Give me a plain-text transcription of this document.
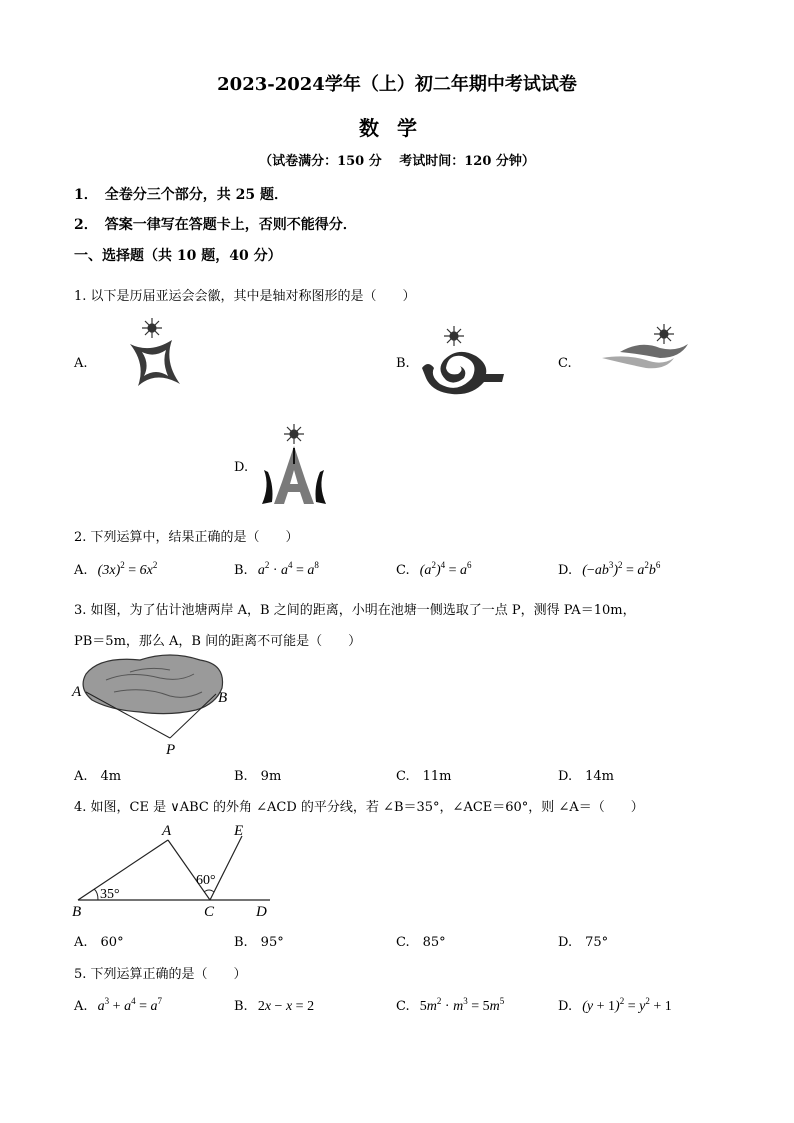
2023-2024学年（上）初二年期中考试试卷
数学
（试卷满分：150 分　 考试时间：120 分钟）
1．　全卷分三个部分，共 25 题．
2．　答案一律写在答题卡上，否则不能得分．
一、选择题（共 10 题，40 分）
1. 以下是历届亚运会会徽，其中是轴对称图形的是（　　）
A.	B.	C.
D.
2. 下列运算中，结果正确的是（　　）
A. $(3x)^2 = 6x^2$	B. $a^2 \cdot a^4 = a^8$	C. $(a^2)^4 = a^6$	D. $(-ab^3)^2 = a^2b^6$
3. 如图，为了估计池塘两岸 A，B 之间的距离，小明在池塘一侧选取了一点 P，测得 PA＝10m，
PB＝5m，那么 A，B 间的距离不可能是（　　）
A	B
P
A.　4m	B.　9m	C.　11m	D.　14m
4. 如图，CE 是 ∨ABC 的外角 ∠ACD 的平分线，若 ∠B＝35°，∠ACE＝60°，则 ∠A＝（　　）
A	E
B	C	D
35°
60°
A.　60°	B.　95°	C.　85°	D.　75°
5. 下列运算正确的是（　　）
A. $a^3 + a^4 = a^7$	B. 2x − x = 2	C. $5m^2 \cdot m^3 = 5m^5$	D. $(y + 1)^2 = y^2 + 1$
